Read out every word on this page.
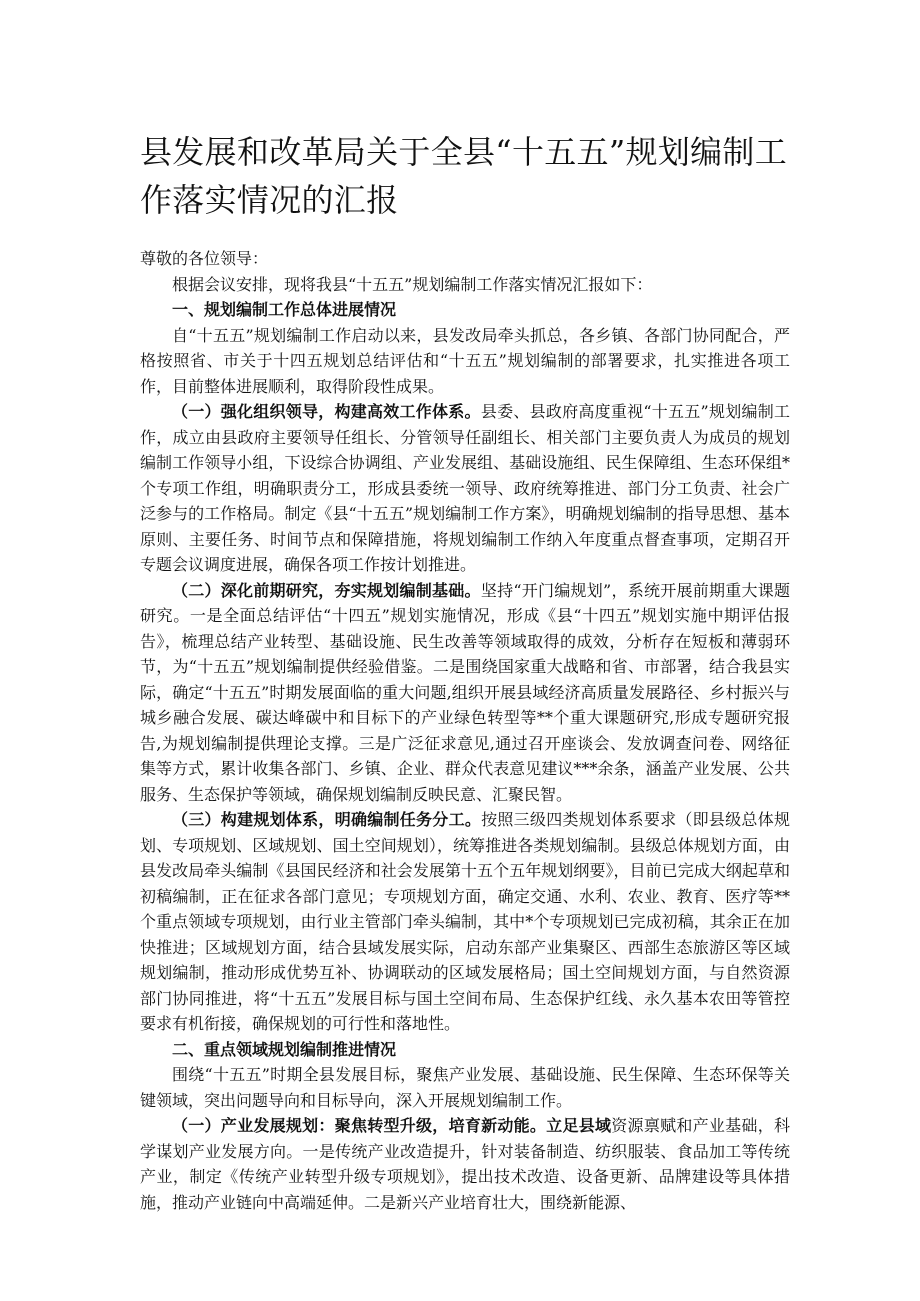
县发展和改革局关于全县“十五五”规划编制工作落实情况的汇报

尊敬的各位领导：

根据会议安排，现将我县“十五五”规划编制工作落实情况汇报如下：

一、规划编制工作总体进展情况

自“十五五”规划编制工作启动以来，县发改局牵头抓总，各乡镇、各部门协同配合，严格按照省、市关于十四五规划总结评估和“十五五”规划编制的部署要求，扎实推进各项工作，目前整体进展顺利，取得阶段性成果。

（一）强化组织领导，构建高效工作体系。县委、县政府高度重视“十五五”规划编制工作，成立由县政府主要领导任组长、分管领导任副组长、相关部门主要负责人为成员的规划编制工作领导小组，下设综合协调组、产业发展组、基础设施组、民生保障组、生态环保组*个专项工作组，明确职责分工，形成县委统一领导、政府统筹推进、部门分工负责、社会广泛参与的工作格局。制定《县“十五五”规划编制工作方案》，明确规划编制的指导思想、基本原则、主要任务、时间节点和保障措施，将规划编制工作纳入年度重点督查事项，定期召开专题会议调度进展，确保各项工作按计划推进。

（二）深化前期研究，夯实规划编制基础。坚持“开门编规划”，系统开展前期重大课题研究。一是全面总结评估“十四五”规划实施情况，形成《县“十四五”规划实施中期评估报告》，梳理总结产业转型、基础设施、民生改善等领域取得的成效，分析存在短板和薄弱环节，为“十五五”规划编制提供经验借鉴。二是围绕国家重大战略和省、市部署，结合我县实际，确定“十五五”时期发展面临的重大问题,组织开展县域经济高质量发展路径、乡村振兴与城乡融合发展、碳达峰碳中和目标下的产业绿色转型等**个重大课题研究,形成专题研究报告,为规划编制提供理论支撑。三是广泛征求意见,通过召开座谈会、发放调查问卷、网络征集等方式，累计收集各部门、乡镇、企业、群众代表意见建议***余条，涵盖产业发展、公共服务、生态保护等领域，确保规划编制反映民意、汇聚民智。

（三）构建规划体系，明确编制任务分工。按照三级四类规划体系要求（即县级总体规划、专项规划、区域规划、国土空间规划），统筹推进各类规划编制。县级总体规划方面，由县发改局牵头编制《县国民经济和社会发展第十五个五年规划纲要》，目前已完成大纲起草和初稿编制，正在征求各部门意见；专项规划方面，确定交通、水利、农业、教育、医疗等**个重点领域专项规划，由行业主管部门牵头编制，其中*个专项规划已完成初稿，其余正在加快推进；区域规划方面，结合县域发展实际，启动东部产业集聚区、西部生态旅游区等区域规划编制，推动形成优势互补、协调联动的区域发展格局；国土空间规划方面，与自然资源部门协同推进，将“十五五”发展目标与国土空间布局、生态保护红线、永久基本农田等管控要求有机衔接，确保规划的可行性和落地性。

二、重点领域规划编制推进情况

围绕“十五五”时期全县发展目标，聚焦产业发展、基础设施、民生保障、生态环保等关键领域，突出问题导向和目标导向，深入开展规划编制工作。

（一）产业发展规划：聚焦转型升级，培育新动能。立足县域资源禀赋和产业基础，科学谋划产业发展方向。一是传统产业改造提升，针对装备制造、纺织服装、食品加工等传统产业，制定《传统产业转型升级专项规划》，提出技术改造、设备更新、品牌建设等具体措施，推动产业链向中高端延伸。二是新兴产业培育壮大，围绕新能源、
